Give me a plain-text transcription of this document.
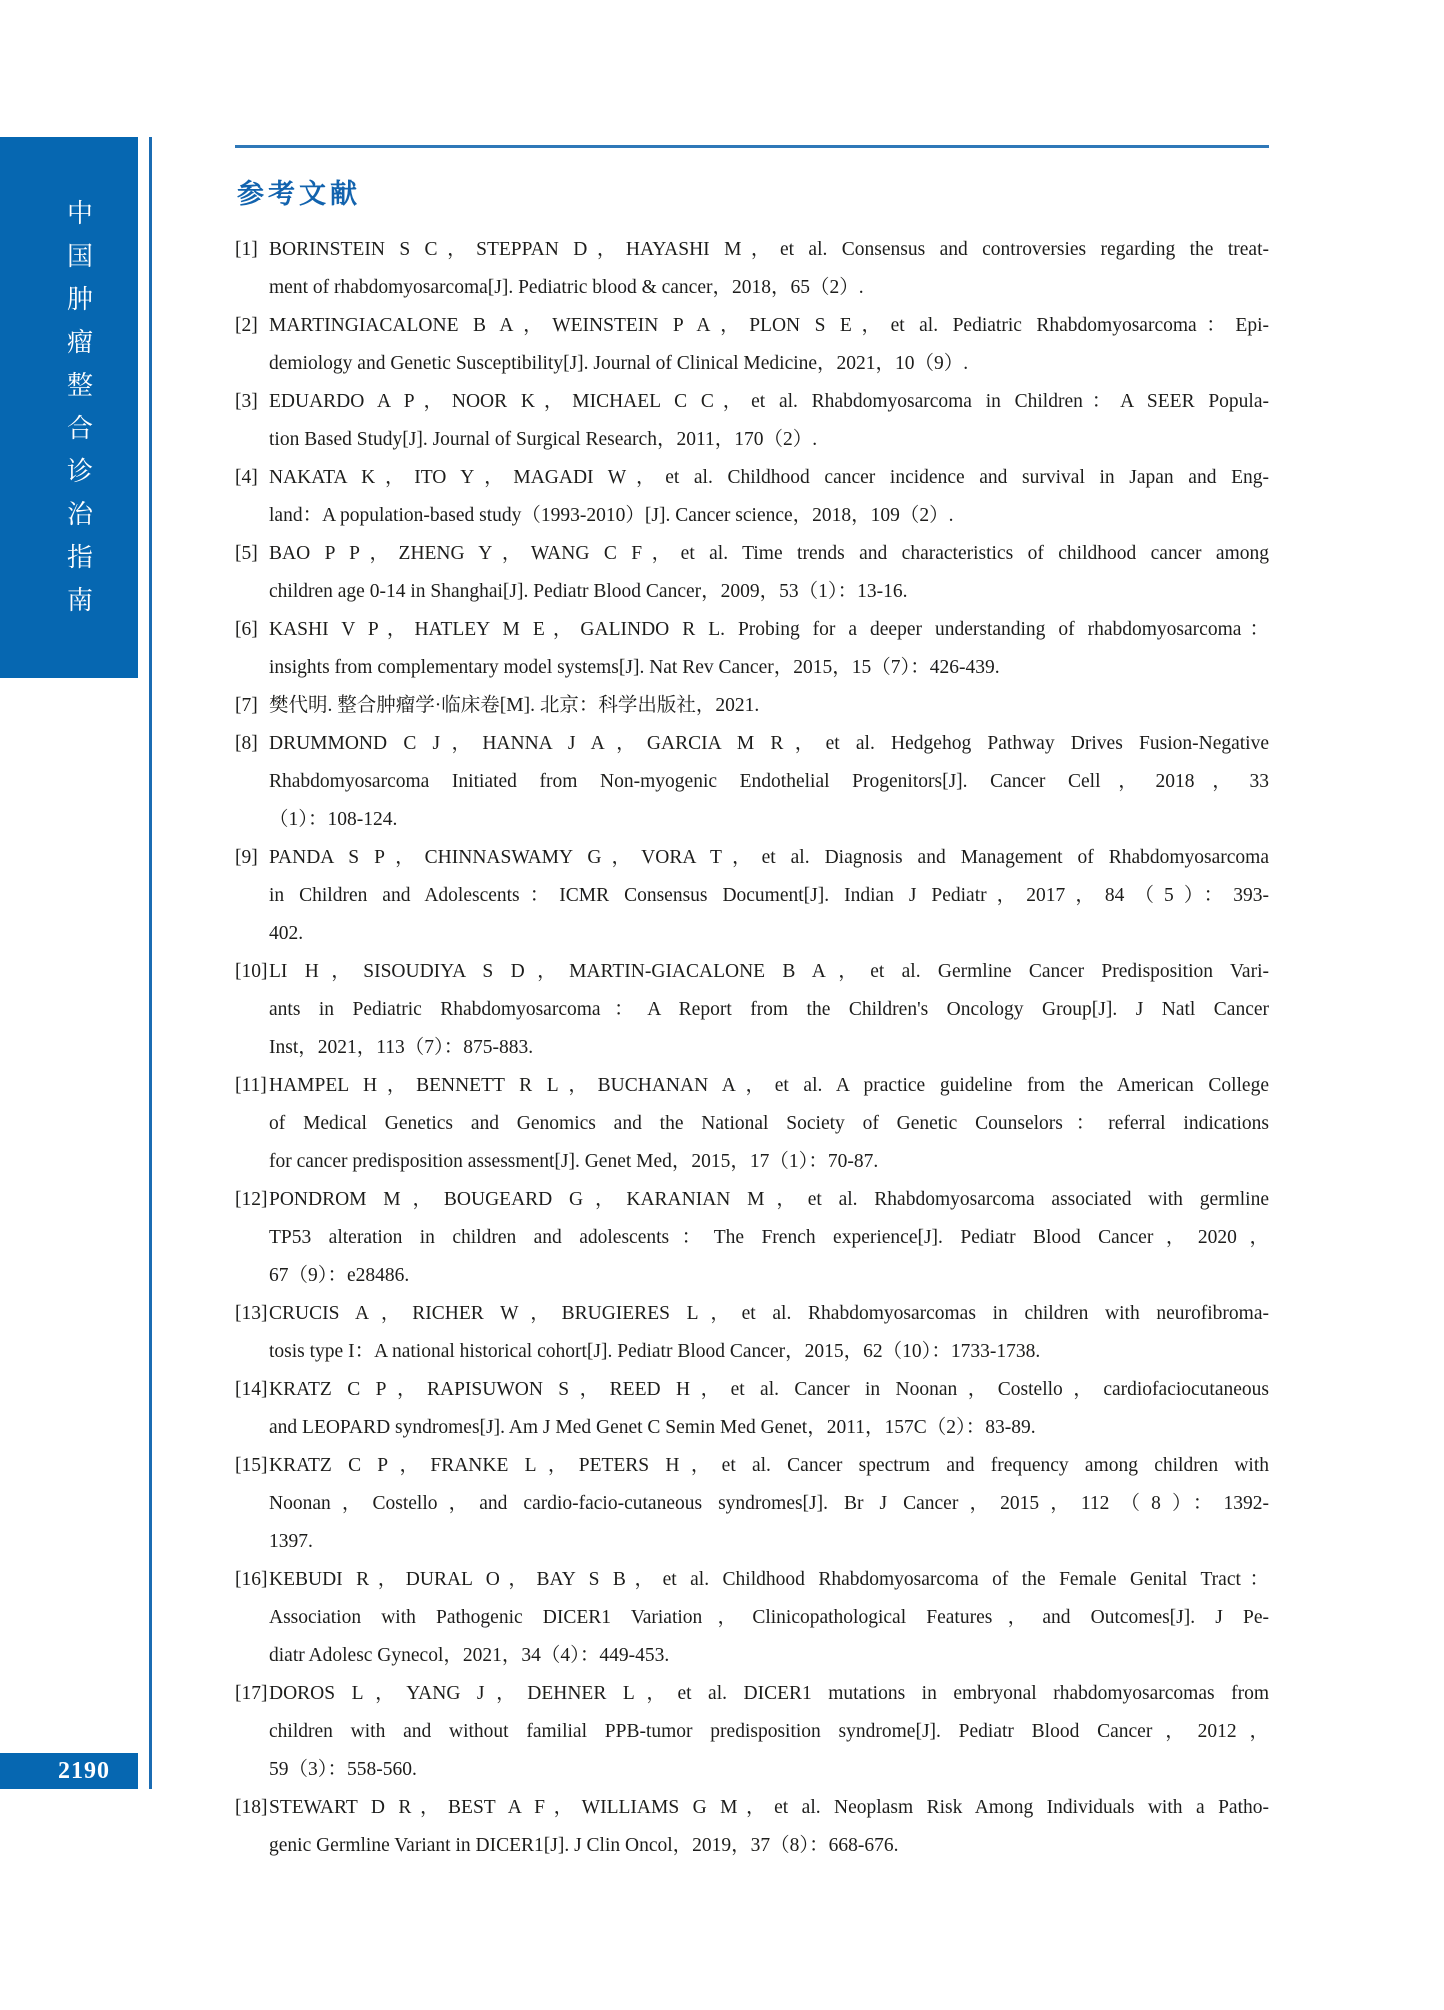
中
国
肿
瘤
整
合
诊
治
指
南
2190
参考文献
[1] BORINSTEIN S C，STEPPAN D，HAYASHI M，et al. Consensus and controversies regarding the treat-
ment of rhabdomyosarcoma[J]. Pediatric blood & cancer，2018，65（2）.
[2] MARTINGIACALONE B A，WEINSTEIN P A，PLON S E，et al. Pediatric Rhabdomyosarcoma：Epi-
demiology and Genetic Susceptibility[J]. Journal of Clinical Medicine，2021，10（9）.
[3] EDUARDO A P，NOOR K，MICHAEL C C，et al. Rhabdomyosarcoma in Children：A SEER Popula-
tion Based Study[J]. Journal of Surgical Research，2011，170（2）.
[4] NAKATA K，ITO Y，MAGADI W，et al. Childhood cancer incidence and survival in Japan and Eng-
land：A population-based study（1993-2010）[J]. Cancer science，2018，109（2）.
[5] BAO P P，ZHENG Y，WANG C F，et al. Time trends and characteristics of childhood cancer among
children age 0-14 in Shanghai[J]. Pediatr Blood Cancer，2009，53（1）：13-16.
[6] KASHI V P，HATLEY M E，GALINDO R L. Probing for a deeper understanding of rhabdomyosarcoma：
insights from complementary model systems[J]. Nat Rev Cancer，2015，15（7）：426-439.
[7] 樊代明. 整合肿瘤学·临床卷[M]. 北京：科学出版社，2021.
[8] DRUMMOND C J，HANNA J A，GARCIA M R，et al. Hedgehog Pathway Drives Fusion-Negative
Rhabdomyosarcoma Initiated from Non-myogenic Endothelial Progenitors[J]. Cancer Cell，2018，33
（1）：108-124.
[9] PANDA S P，CHINNASWAMY G，VORA T，et al. Diagnosis and Management of Rhabdomyosarcoma
in Children and Adolescents：ICMR Consensus Document[J]. Indian J Pediatr，2017，84（5）：393-
402.
[10]LI H，SISOUDIYA S D，MARTIN-GIACALONE B A，et al. Germline Cancer Predisposition Vari-
ants in Pediatric Rhabdomyosarcoma：A Report from the Children's Oncology Group[J]. J Natl Cancer
Inst，2021，113（7）：875-883.
[11] HAMPEL H，BENNETT R L，BUCHANAN A，et al. A practice guideline from the American College
of Medical Genetics and Genomics and the National Society of Genetic Counselors：referral indications
for cancer predisposition assessment[J]. Genet Med，2015，17（1）：70-87.
[12]PONDROM M，BOUGEARD G，KARANIAN M，et al. Rhabdomyosarcoma associated with germline
TP53 alteration in children and adolescents：The French experience[J]. Pediatr Blood Cancer，2020，
67（9）：e28486.
[13]CRUCIS A，RICHER W，BRUGIERES L，et al. Rhabdomyosarcomas in children with neurofibroma-
tosis type I：A national historical cohort[J]. Pediatr Blood Cancer，2015，62（10）：1733-1738.
[14]KRATZ C P，RAPISUWON S，REED H，et al. Cancer in Noonan，Costello，cardiofaciocutaneous
and LEOPARD syndromes[J]. Am J Med Genet C Semin Med Genet，2011，157C（2）：83-89.
[15]KRATZ C P，FRANKE L，PETERS H，et al. Cancer spectrum and frequency among children with
Noonan，Costello，and cardio-facio-cutaneous syndromes[J]. Br J Cancer，2015，112（8）：1392-
1397.
[16]KEBUDI R，DURAL O，BAY S B，et al. Childhood Rhabdomyosarcoma of the Female Genital Tract：
Association with Pathogenic DICER1 Variation，Clinicopathological Features，and Outcomes[J]. J Pe-
diatr Adolesc Gynecol，2021，34（4）：449-453.
[17]DOROS L，YANG J，DEHNER L，et al. DICER1 mutations in embryonal rhabdomyosarcomas from
children with and without familial PPB-tumor predisposition syndrome[J]. Pediatr Blood Cancer，2012，
59（3）：558-560.
[18]STEWART D R，BEST A F，WILLIAMS G M，et al. Neoplasm Risk Among Individuals with a Patho-
genic Germline Variant in DICER1[J]. J Clin Oncol，2019，37（8）：668-676.
